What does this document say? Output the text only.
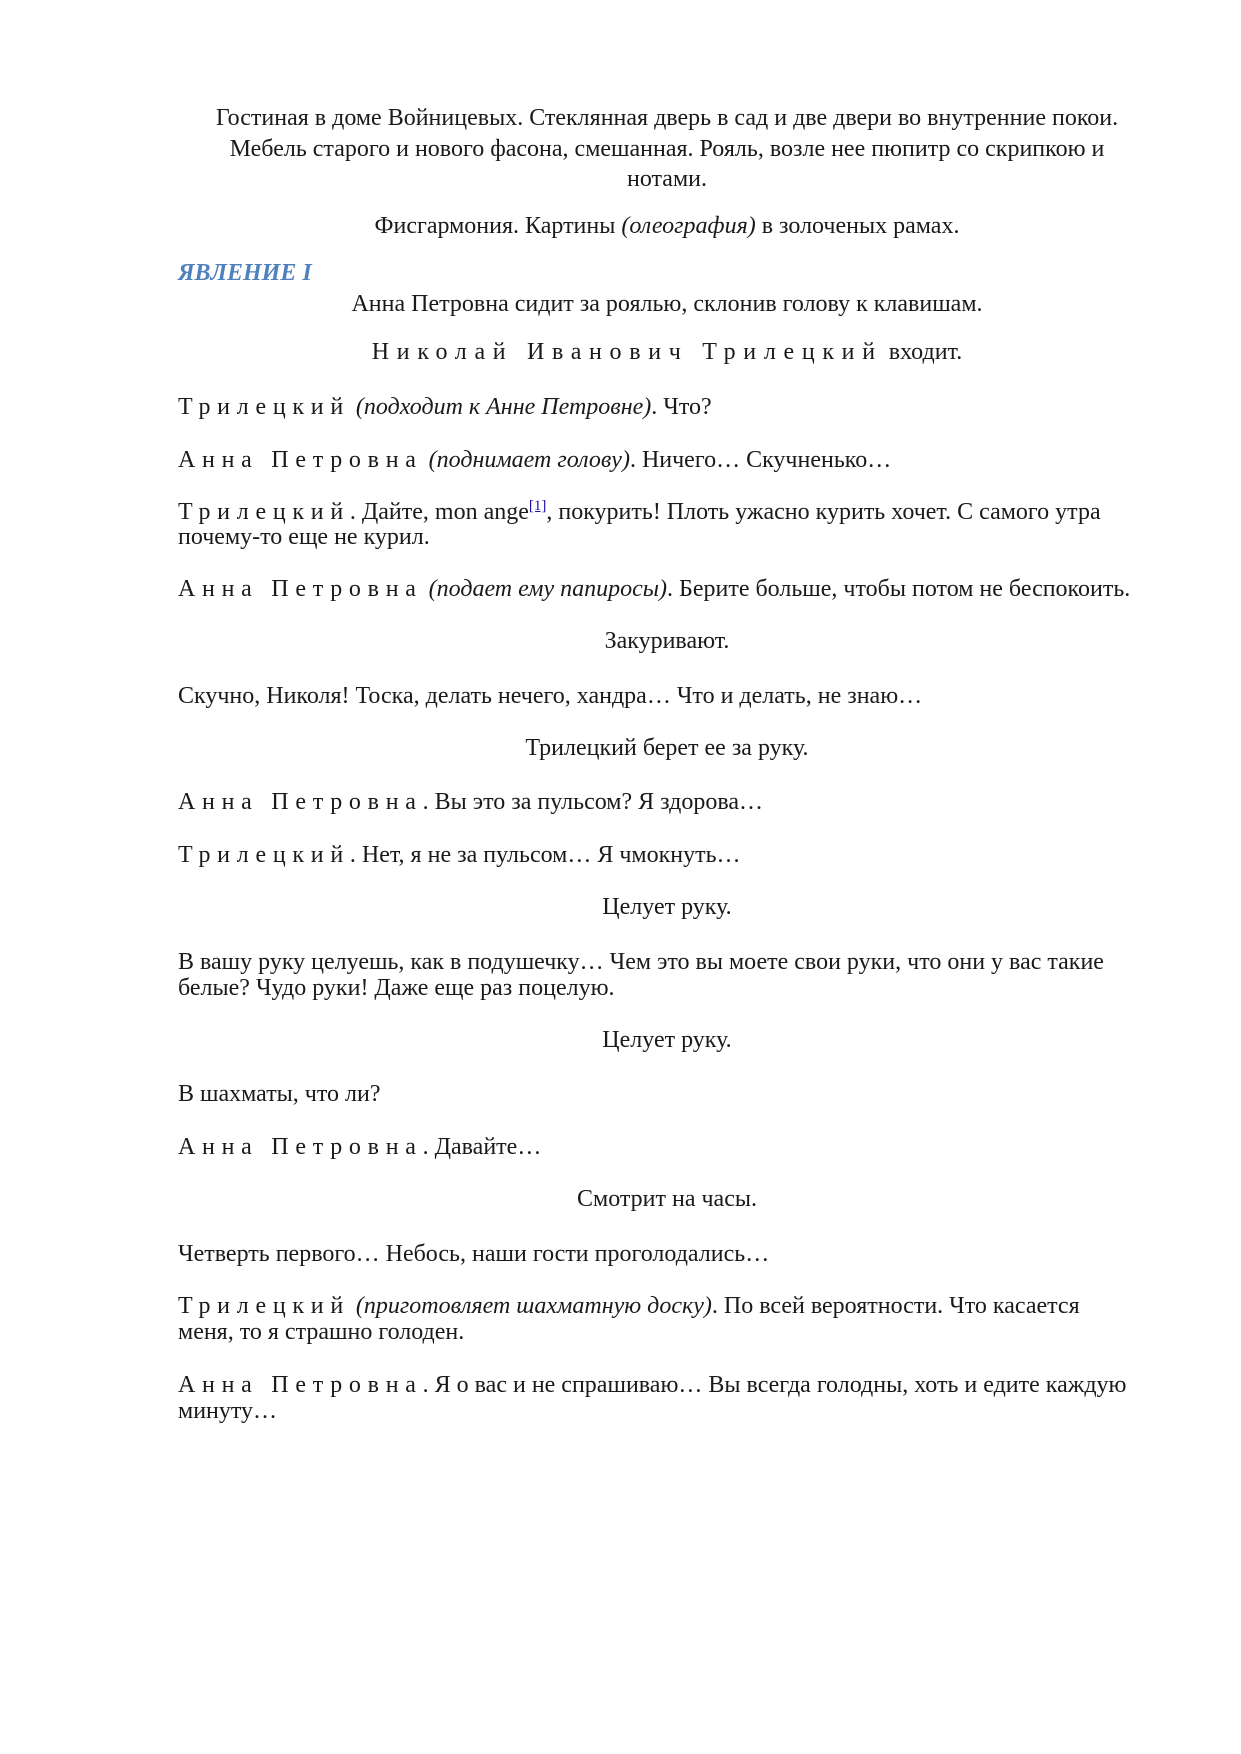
Гостиная в доме Войницевых. Стеклянная дверь в сад и две двери во внутренние покои.
Мебель старого и нового фасона, смешанная. Рояль, возле нее пюпитр со скрипкою и
нотами.
Фисгармония. Картины (олеография) в золоченых рамах.
ЯВЛЕНИЕ I
Анна Петровна сидит за роялью, склонив голову к клавишам.
Николай Иванович Трилецкий входит.
Трилецкий (подходит к Анне Петровне). Что?
Анна Петровна (поднимает голову). Ничего… Скучненько…
Трилецкий. Дайте, mon ange[1], покурить! Плоть ужасно курить хочет. С самого утра
почему-то еще не курил.
Анна Петровна (подает ему папиросы). Берите больше, чтобы потом не беспокоить.
Закуривают.
Скучно, Николя! Тоска, делать нечего, хандра… Что и делать, не знаю…
Трилецкий берет ее за руку.
Анна Петровна. Вы это за пульсом? Я здорова…
Трилецкий. Нет, я не за пульсом… Я чмокнуть…
Целует руку.
В вашу руку целуешь, как в подушечку… Чем это вы моете свои руки, что они у вас такие
белые? Чудо руки! Даже еще раз поцелую.
Целует руку.
В шахматы, что ли?
Анна Петровна. Давайте…
Смотрит на часы.
Четверть первого… Небось, наши гости проголодались…
Трилецкий (приготовляет шахматную доску). По всей вероятности. Что касается
меня, то я страшно голоден.
Анна Петровна. Я о вас и не спрашиваю… Вы всегда голодны, хоть и едите каждую
минуту…
